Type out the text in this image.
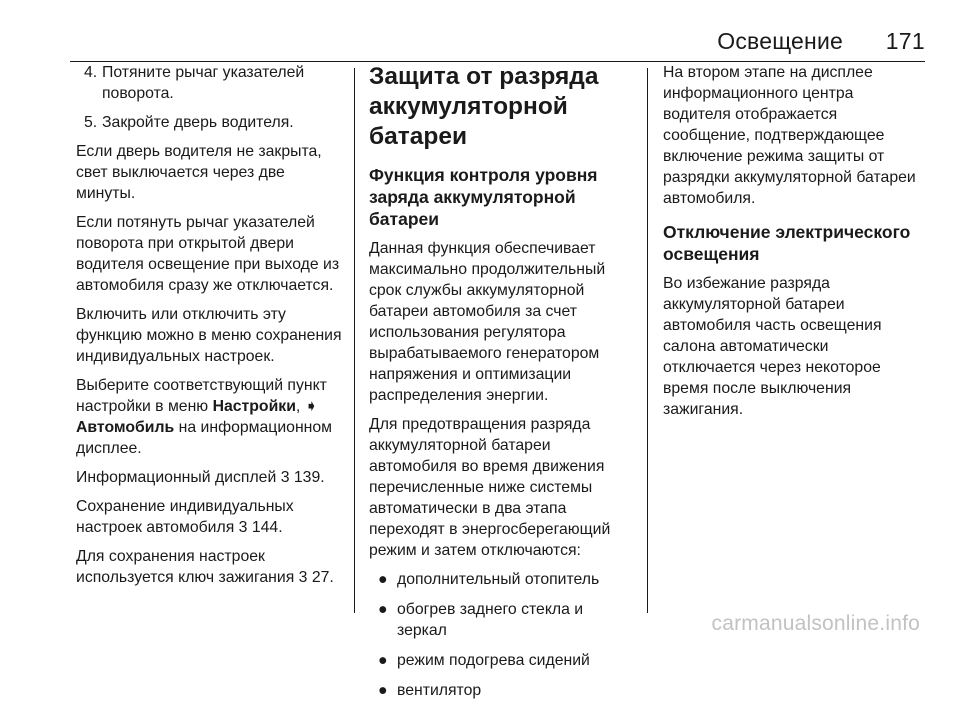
Освещение 171
4. Потяните рычаг указателей поворота.
5. Закройте дверь водителя.

Если дверь водителя не закрыта, свет выключается через две минуты.

Если потянуть рычаг указателей поворота при открытой двери водителя освещение при выходе из автомобиля сразу же отключается.

Включить или отключить эту функцию можно в меню сохранения индивидуальных настроек.

Выберите соответствующий пункт настройки в меню Настройки, ➧ Автомобиль на информационном дисплее.

Информационный дисплей 3 139.

Сохранение индивидуальных настроек автомобиля 3 144.

Для сохранения настроек используется ключ зажигания 3 27.

Защита от разряда аккумуляторной батареи
Функция контроля уровня заряда аккумуляторной батареи

Данная функция обеспечивает максимально продолжительный срок службы аккумуляторной батареи автомобиля за счет использования регулятора вырабатываемого генератором напряжения и оптимизации распределения энергии.

Для предотвращения разряда аккумуляторной батареи автомобиля во время движения перечисленные ниже системы автоматически в два этапа переходят в энергосберегающий режим и затем отключаются:

● дополнительный отопитель
● обогрев заднего стекла и зеркал
● режим подогрева сидений
● вентилятор

На втором этапе на дисплее информационного центра водителя отображается сообщение, подтверждающее включение режима защиты от разрядки аккумуляторной батареи автомобиля.

Отключение электрического освещения

Во избежание разряда аккумуляторной батареи автомобиля часть освещения салона автоматически отключается через некоторое время после выключения зажигания.

carmanualsonline.info
